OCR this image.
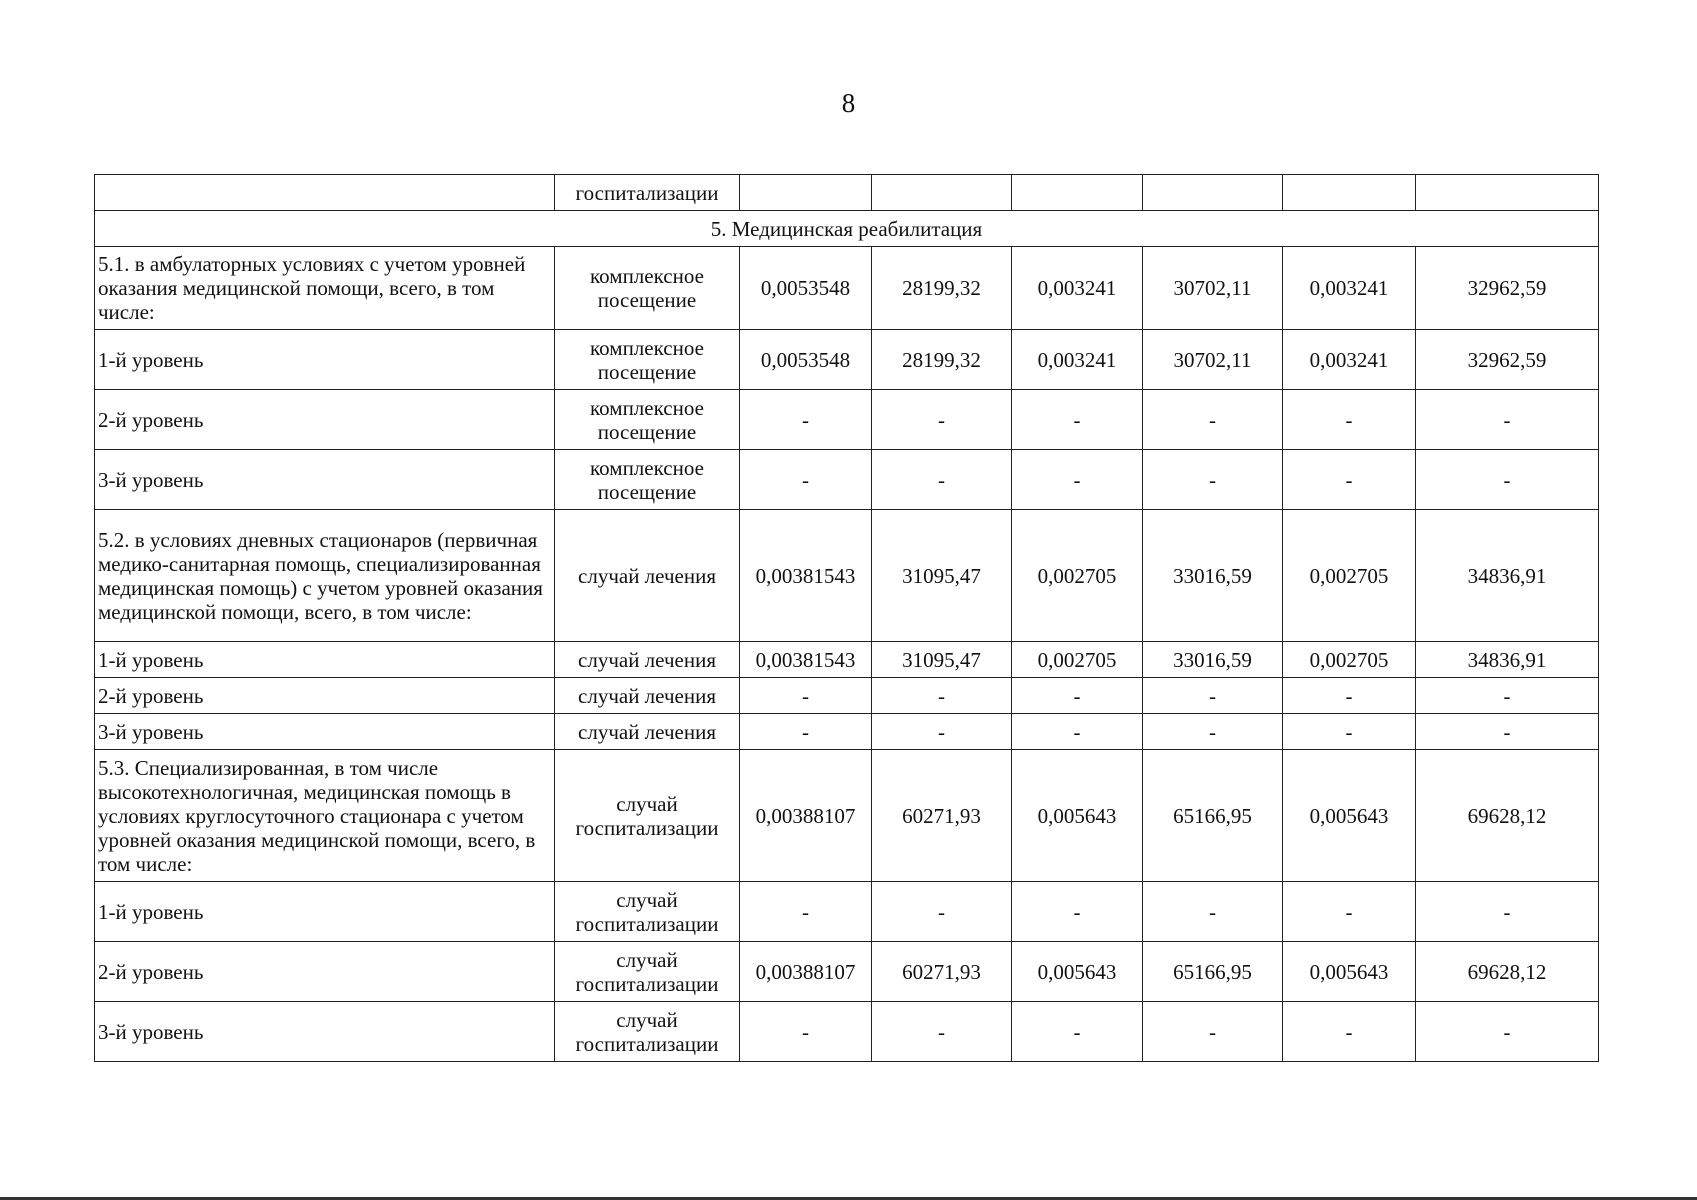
8
	госпитализации						
5. Медицинская реабилитация							
5.1. в амбулаторных условиях с учетом уровней оказания медицинской помощи, всего, в том числе:	комплексное посещение	0,0053548	28199,32	0,003241	30702,11	0,003241	32962,59
1-й уровень	комплексное посещение	0,0053548	28199,32	0,003241	30702,11	0,003241	32962,59
2-й уровень	комплексное посещение	-	-	-	-	-	-
3-й уровень	комплексное посещение	-	-	-	-	-	-
5.2. в условиях дневных стационаров (первичная медико-санитарная помощь, специализированная медицинская помощь) с учетом уровней оказания медицинской помощи, всего, в том числе:	случай лечения	0,00381543	31095,47	0,002705	33016,59	0,002705	34836,91
1-й уровень	случай лечения	0,00381543	31095,47	0,002705	33016,59	0,002705	34836,91
2-й уровень	случай лечения	-	-	-	-	-	-
3-й уровень	случай лечения	-	-	-	-	-	-
5.3. Специализированная, в том числе высокотехнологичная, медицинская помощь в условиях круглосуточного стационара с учетом уровней оказания медицинской помощи, всего, в том числе:	случай госпитализации	0,00388107	60271,93	0,005643	65166,95	0,005643	69628,12
1-й уровень	случай госпитализации	-	-	-	-	-	-
2-й уровень	случай госпитализации	0,00388107	60271,93	0,005643	65166,95	0,005643	69628,12
3-й уровень	случай госпитализации	-	-	-	-	-	-
